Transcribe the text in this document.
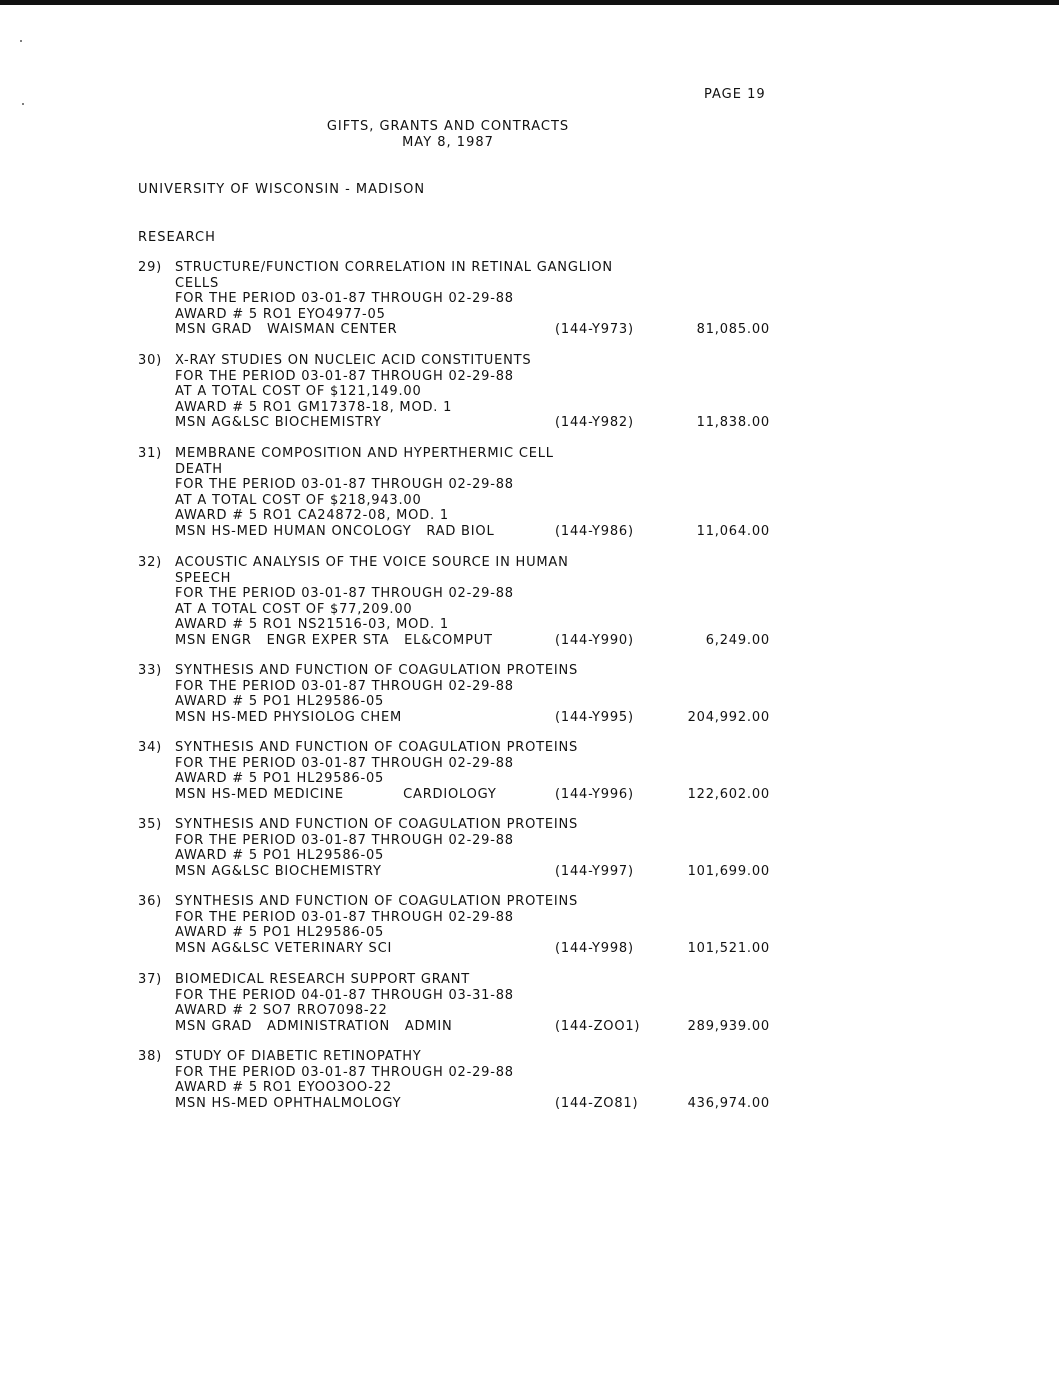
PAGE 19
GIFTS, GRANTS AND CONTRACTS
MAY 8, 1987
UNIVERSITY OF WISCONSIN - MADISON
RESEARCH
29) STRUCTURE/FUNCTION CORRELATION IN RETINAL GANGLION
CELLS
FOR THE PERIOD 03-01-87 THROUGH 02-29-88
AWARD # 5 RO1 EYO4977-05
MSN GRAD   WAISMAN CENTER	(144-Y973)	81,085.00
30) X-RAY STUDIES ON NUCLEIC ACID CONSTITUENTS
FOR THE PERIOD 03-01-87 THROUGH 02-29-88
AT A TOTAL COST OF $121,149.00
AWARD # 5 RO1 GM17378-18, MOD. 1
MSN AG&LSC BIOCHEMISTRY	(144-Y982)	11,838.00
31) MEMBRANE COMPOSITION AND HYPERTHERMIC CELL
DEATH
FOR THE PERIOD 03-01-87 THROUGH 02-29-88
AT A TOTAL COST OF $218,943.00
AWARD # 5 RO1 CA24872-08, MOD. 1
MSN HS-MED HUMAN ONCOLOGY   RAD BIOL	(144-Y986)	11,064.00
32) ACOUSTIC ANALYSIS OF THE VOICE SOURCE IN HUMAN
SPEECH
FOR THE PERIOD 03-01-87 THROUGH 02-29-88
AT A TOTAL COST OF $77,209.00
AWARD # 5 RO1 NS21516-03, MOD. 1
MSN ENGR   ENGR EXPER STA   EL&COMPUT	(144-Y990)	6,249.00
33) SYNTHESIS AND FUNCTION OF COAGULATION PROTEINS
FOR THE PERIOD 03-01-87 THROUGH 02-29-88
AWARD # 5 PO1 HL29586-05
MSN HS-MED PHYSIOLOG CHEM	(144-Y995)	204,992.00
34) SYNTHESIS AND FUNCTION OF COAGULATION PROTEINS
FOR THE PERIOD 03-01-87 THROUGH 02-29-88
AWARD # 5 PO1 HL29586-05
MSN HS-MED MEDICINE            CARDIOLOGY	(144-Y996)	122,602.00
35) SYNTHESIS AND FUNCTION OF COAGULATION PROTEINS
FOR THE PERIOD 03-01-87 THROUGH 02-29-88
AWARD # 5 PO1 HL29586-05
MSN AG&LSC BIOCHEMISTRY	(144-Y997)	101,699.00
36) SYNTHESIS AND FUNCTION OF COAGULATION PROTEINS
FOR THE PERIOD 03-01-87 THROUGH 02-29-88
AWARD # 5 PO1 HL29586-05
MSN AG&LSC VETERINARY SCI	(144-Y998)	101,521.00
37) BIOMEDICAL RESEARCH SUPPORT GRANT
FOR THE PERIOD 04-01-87 THROUGH 03-31-88
AWARD # 2 SO7 RRO7098-22
MSN GRAD   ADMINISTRATION   ADMIN	(144-ZOO1)	289,939.00
38) STUDY OF DIABETIC RETINOPATHY
FOR THE PERIOD 03-01-87 THROUGH 02-29-88
AWARD # 5 RO1 EYOO3OO-22
MSN HS-MED OPHTHALMOLOGY	(144-ZO81)	436,974.00
